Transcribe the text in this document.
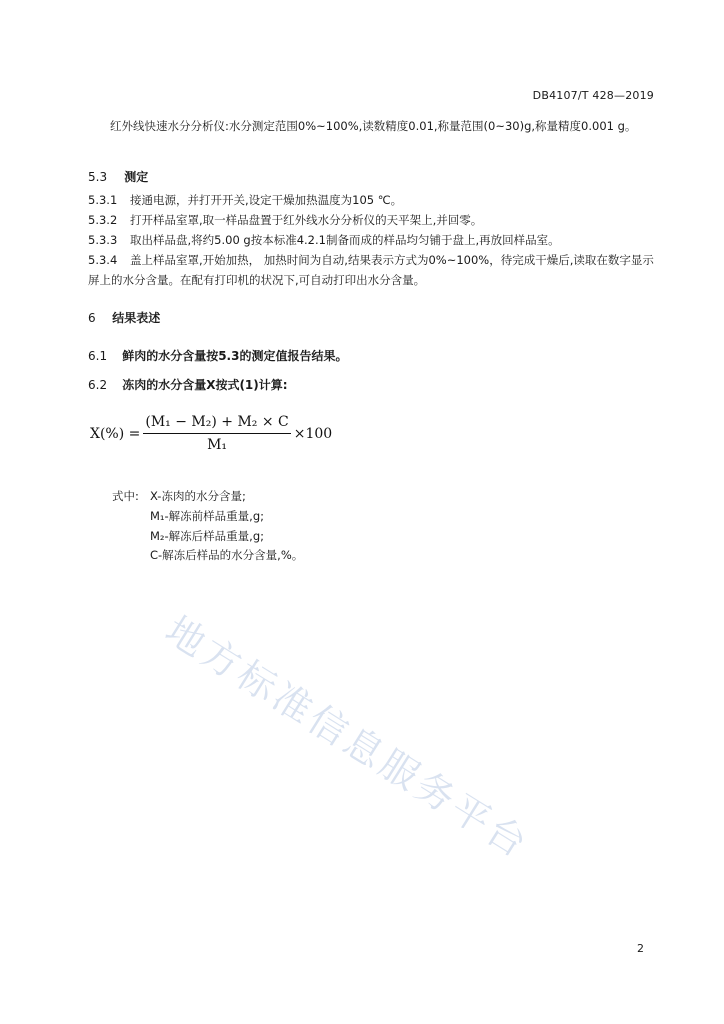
DB4107/T 428—2019
红外线快速水分分析仪:水分测定范围0%~100%,读数精度0.01,称量范围(0~30)g,称量精度0.001 g。
5.3 测定
5.3.1 接通电源，并打开开关,设定干燥加热温度为105 ℃。
5.3.2 打开样品室罩,取一样品盘置于红外线水分分析仪的天平架上,并回零。
5.3.3 取出样品盘,将约5.00 g按本标准4.2.1制备而成的样品均匀铺于盘上,再放回样品室。
5.3.4 盖上样品室罩,开始加热， 加热时间为自动,结果表示方式为0%~100%，待完成干燥后,读取在数字显示屏上的水分含量。在配有打印机的状况下,可自动打印出水分含量。
6 结果表述
6.1 鲜肉的水分含量按5.3的测定值报告结果。
6.2 冻肉的水分含量X按式(1)计算:
$X(\%) = \frac{\text{(M₁ − M₂) + M₂ × C}}{\text{M₁}} \times 100$
式中: X-冻肉的水分含量;
M₁-解冻前样品重量,g;
M₂-解冻后样品重量,g;
C-解冻后样品的水分含量,%。
地方标准信息服务平台
2
